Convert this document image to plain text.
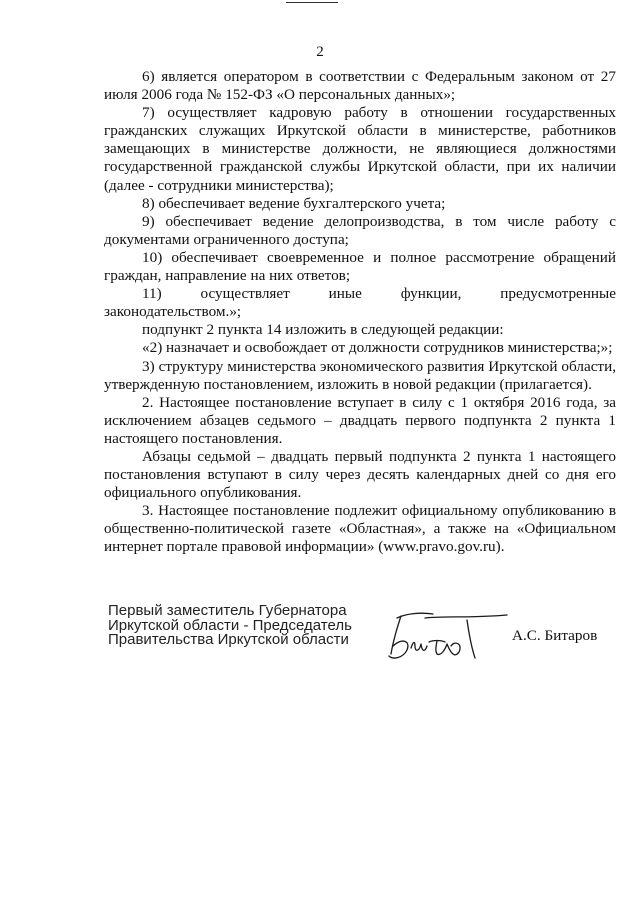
2

6) является оператором в соответствии с Федеральным законом от 27 июля 2006 года № 152-ФЗ «О персональных данных»;

7) осуществляет кадровую работу в отношении государственных гражданских служащих Иркутской области в министерстве, работников замещающих в министерстве должности, не являющиеся должностями государственной гражданской службы Иркутской области, при их наличии (далее - сотрудники министерства);

8) обеспечивает ведение бухгалтерского учета;

9) обеспечивает ведение делопроизводства, в том числе работу с документами ограниченного доступа;

10) обеспечивает своевременное и полное рассмотрение обращений граждан, направление на них ответов;

11) осуществляет иные функции, предусмотренные законодательством.»;

подпункт 2 пункта 14 изложить в следующей редакции:

«2) назначает и освобождает от должности сотрудников министерства;»;

3) структуру министерства экономического развития Иркутской области, утвержденную постановлением, изложить в новой редакции (прилагается).

2. Настоящее постановление вступает в силу с 1 октября 2016 года, за исключением абзацев седьмого – двадцать первого подпункта 2 пункта 1 настоящего постановления.

Абзацы седьмой – двадцать первый подпункта 2 пункта 1 настоящего постановления вступают в силу через десять календарных дней со дня его официального опубликования.

3. Настоящее постановление подлежит официальному опубликованию в общественно-политической газете «Областная», а также на «Официальном интернет портале правовой информации» (www.pravo.gov.ru).

Первый заместитель Губернатора
Иркутской области - Председатель
Правительства Иркутской области	А.С. Битаров
